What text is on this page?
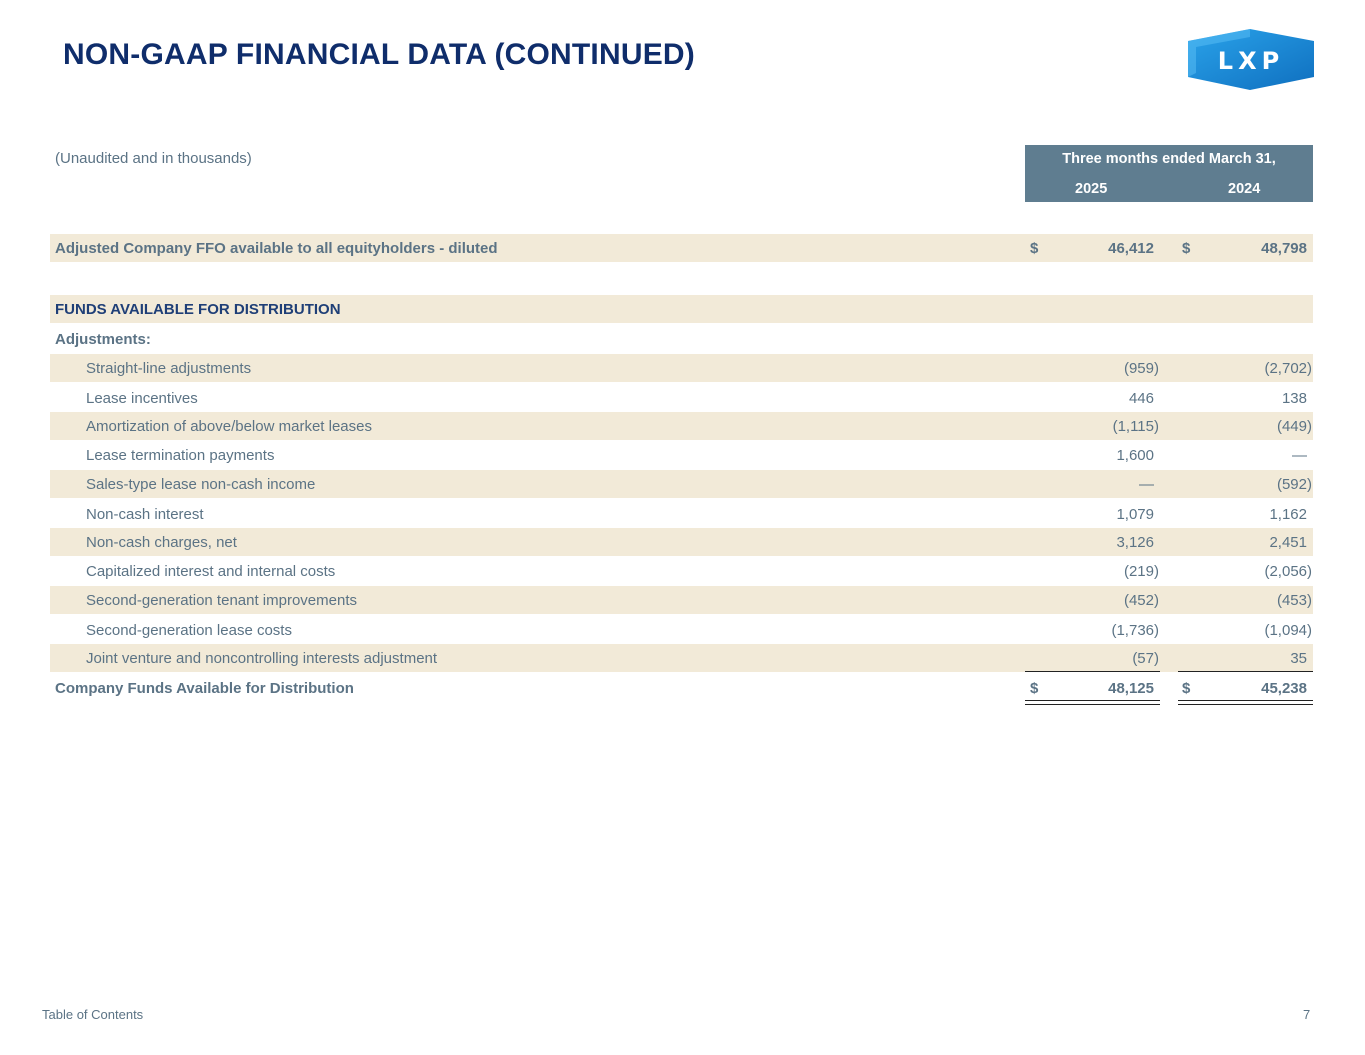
NON-GAAP FINANCIAL DATA (CONTINUED)	LXP
(Unaudited and in thousands)	Three months ended March 31,
2025	2024
Adjusted Company FFO available to all equityholders - diluted	$	46,412 $	48,798
FUNDS AVAILABLE FOR DISTRIBUTION
Adjustments:
Straight-line adjustments	(959)	(2,702)
Lease incentives	446	138
Amortization of above/below market leases	(1,115)	(449)
Lease termination payments	1,600	—
Sales-type lease non-cash income	—	(592)
Non-cash interest	1,079	1,162
Non-cash charges, net	3,126	2,451
Capitalized interest and internal costs	(219)	(2,056)
Second-generation tenant improvements	(452)	(453)
Second-generation lease costs	(1,736)	(1,094)
Joint venture and noncontrolling interests adjustment	(57)	35
Company Funds Available for Distribution	$	48,125 $	45,238
Table of Contents	7
